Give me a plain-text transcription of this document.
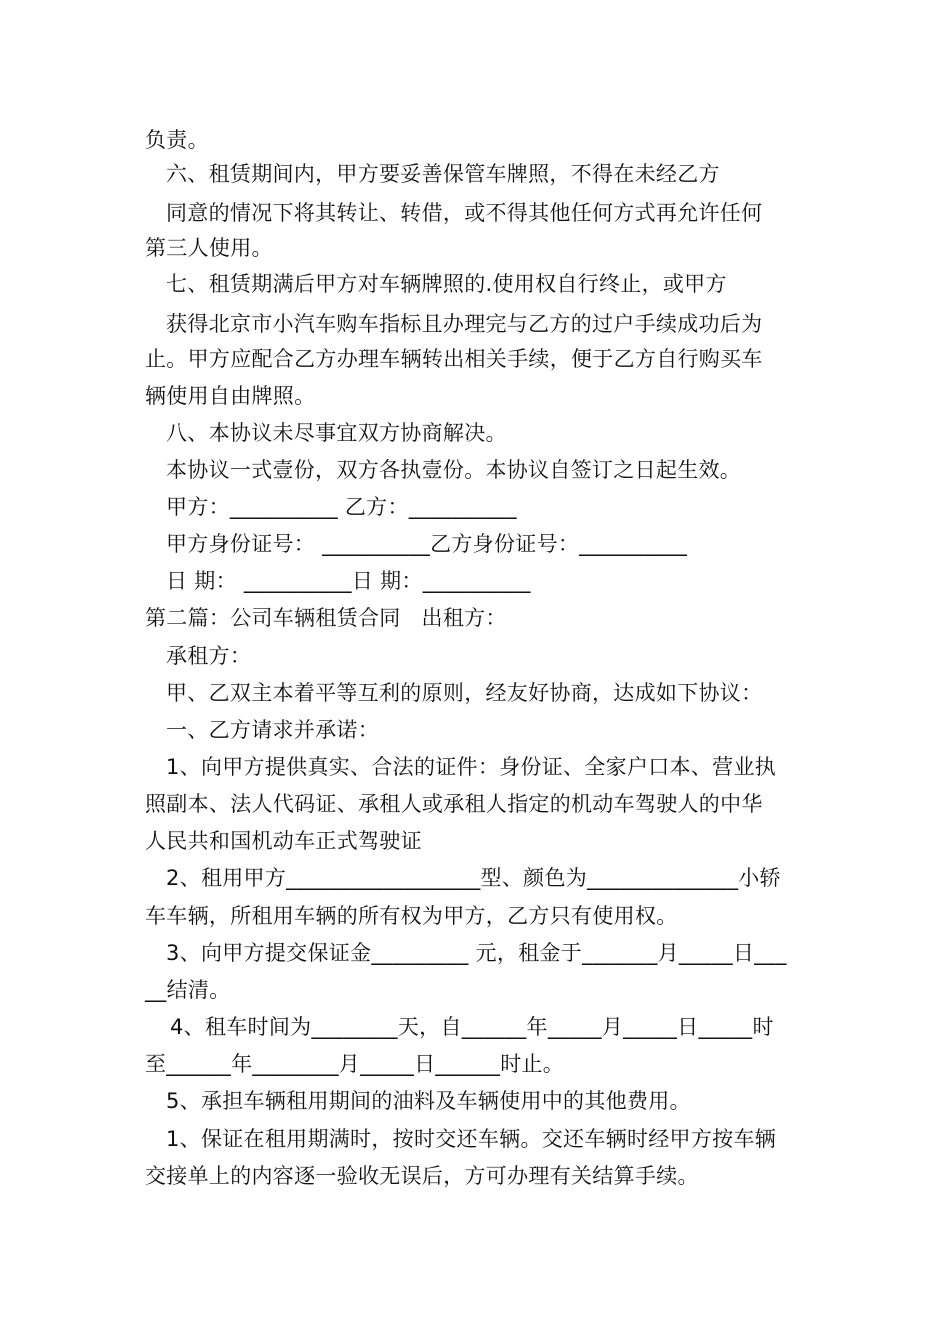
负责。
六、租赁期间内，甲方要妥善保管车牌照，不得在未经乙方
同意的情况下将其转让、转借，或不得其他任何方式再允许任何
第三人使用。
七、租赁期满后甲方对车辆牌照的.使用权自行终止，或甲方
获得北京市小汽车购车指标且办理完与乙方的过户手续成功后为
止。甲方应配合乙方办理车辆转出相关手续，便于乙方自行购买车
辆使用自由牌照。
八、本协议未尽事宜双方协商解决。
本协议一式壹份，双方各执壹份。本协议自签订之日起生效。
甲方：__________ 乙方：__________
甲方身份证号： __________乙方身份证号：__________
日 期： __________日 期：__________
第二篇：公司车辆租赁合同   出租方：
承租方：
甲、乙双主本着平等互利的原则，经友好协商，达成如下协议：
一、乙方请求并承诺：
1、向甲方提供真实、合法的证件：身份证、全家户口本、营业执
照副本、法人代码证、承租人或承租人指定的机动车驾驶人的中华
人民共和国机动车正式驾驶证
2、租用甲方__________________型、颜色为______________小轿
车车辆，所租用车辆的所有权为甲方，乙方只有使用权。
3、向甲方提交保证金_________ 元，租金于_______月_____日___
__结清。
4、租车时间为________天，自______年_____月_____日_____时
至______年________月_____日______时止。
5、承担车辆租用期间的油料及车辆使用中的其他费用。
1、保证在租用期满时，按时交还车辆。交还车辆时经甲方按车辆
交接单上的内容逐一验收无误后，方可办理有关结算手续。
